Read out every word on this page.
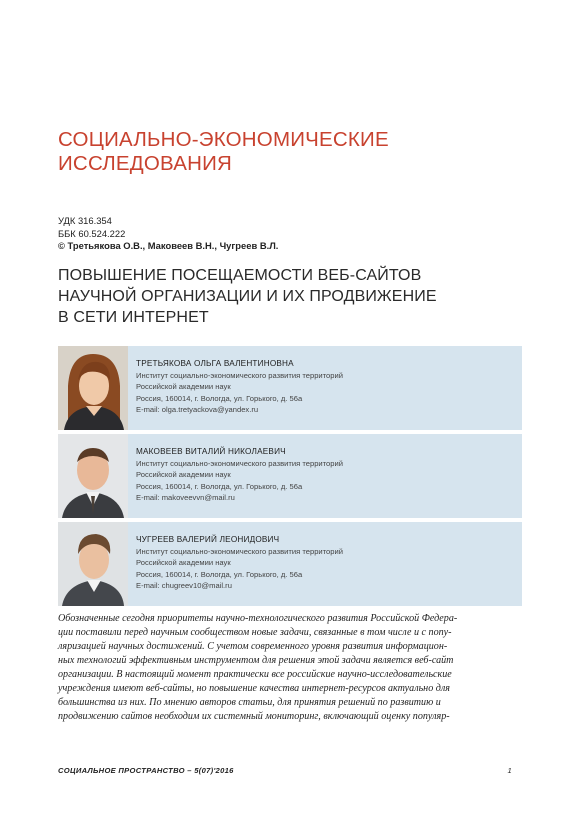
СОЦИАЛЬНО-ЭКОНОМИЧЕСКИЕ
ИССЛЕДОВАНИЯ
УДК 316.354
ББК 60.524.222
© Третьякова О.В., Маковеев В.Н., Чугреев В.Л.
ПОВЫШЕНИЕ ПОСЕЩАЕМОСТИ ВЕБ-САЙТОВ
НАУЧНОЙ ОРГАНИЗАЦИИ И ИХ ПРОДВИЖЕНИЕ
В СЕТИ ИНТЕРНЕТ
ТРЕТЬЯКОВА ОЛЬГА ВАЛЕНТИНОВНА
Институт социально-экономического развития территорий
Российской академии наук
Россия, 160014, г. Вологда, ул. Горького, д. 56а
E-mail: olga.tretyackova@yandex.ru
МАКОВЕЕВ ВИТАЛИЙ НИКОЛАЕВИЧ
Институт социально-экономического развития территорий
Российской академии наук
Россия, 160014, г. Вологда, ул. Горького, д. 56а
E-mail: makoveevvn@mail.ru
ЧУГРЕЕВ ВАЛЕРИЙ ЛЕОНИДОВИЧ
Институт социально-экономического развития территорий
Российской академии наук
Россия, 160014, г. Вологда, ул. Горького, д. 56а
E-mail: chugreev10@mail.ru
Обозначенные сегодня приоритеты научно-технологического развития Российской Федера-
ции поставили перед научным сообществом новые задачи, связанные в том числе и с попу-
ляризацией научных достижений. С учетом современного уровня развития информацион-
ных технологий эффективным инструментом для решения этой задачи является веб-сайт
организации. В настоящий момент практически все российские научно-исследовательские
учреждения имеют веб-сайты, но повышение качества интернет-ресурсов актуально для
большинства из них. По мнению авторов статьи, для принятия решений по развитию и
продвижению сайтов необходим их системный мониторинг, включающий оценку популяр-
СОЦИАЛЬНОЕ ПРОСТРАНСТВО – 5(07)'2016	1
